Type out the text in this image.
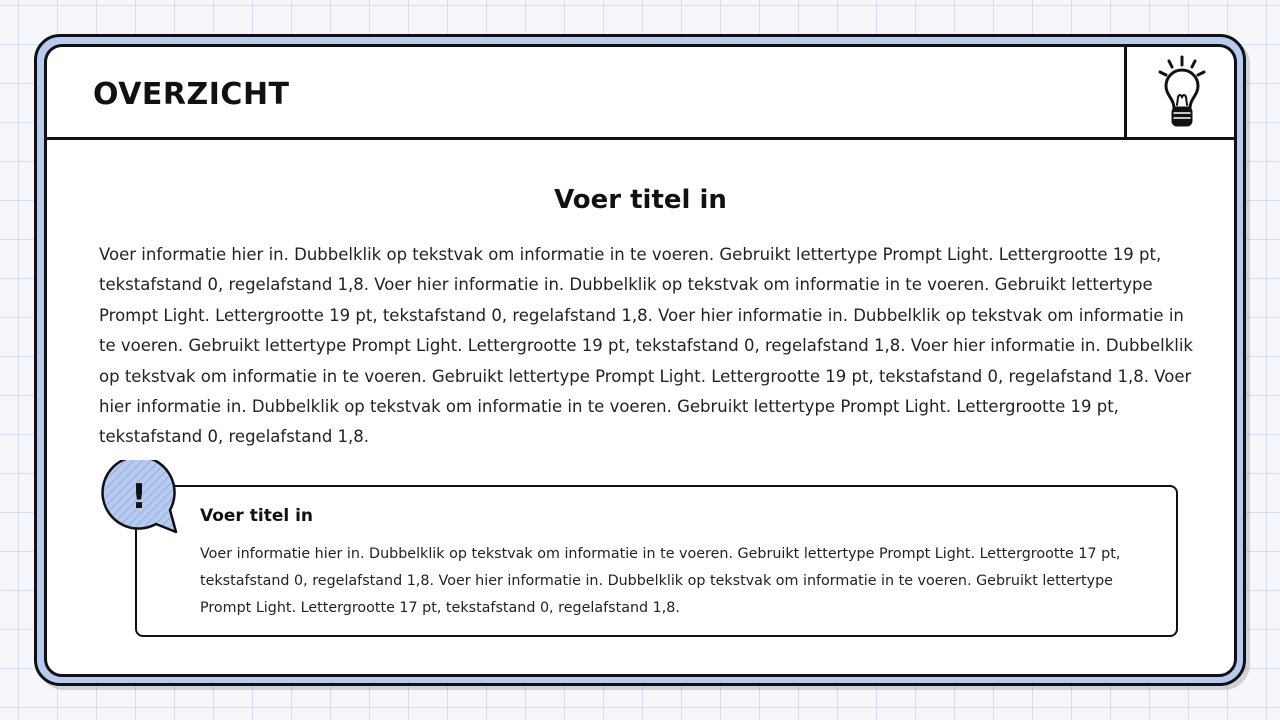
OVERZICHT
Voer titel in
Voer informatie hier in. Dubbelklik op tekstvak om informatie in te voeren. Gebruikt lettertype Prompt Light. Lettergrootte 19 pt,
tekstafstand 0, regelafstand 1,8. Voer hier informatie in. Dubbelklik op tekstvak om informatie in te voeren. Gebruikt lettertype
Prompt Light. Lettergrootte 19 pt, tekstafstand 0, regelafstand 1,8. Voer hier informatie in. Dubbelklik op tekstvak om informatie in
te voeren. Gebruikt lettertype Prompt Light. Lettergrootte 19 pt, tekstafstand 0, regelafstand 1,8. Voer hier informatie in. Dubbelklik
op tekstvak om informatie in te voeren. Gebruikt lettertype Prompt Light. Lettergrootte 19 pt, tekstafstand 0, regelafstand 1,8. Voer
hier informatie in. Dubbelklik op tekstvak om informatie in te voeren. Gebruikt lettertype Prompt Light. Lettergrootte 19 pt,
tekstafstand 0, regelafstand 1,8.
Voer titel in
Voer informatie hier in. Dubbelklik op tekstvak om informatie in te voeren. Gebruikt lettertype Prompt Light. Lettergrootte 17 pt,
tekstafstand 0, regelafstand 1,8. Voer hier informatie in. Dubbelklik op tekstvak om informatie in te voeren. Gebruikt lettertype
Prompt Light. Lettergrootte 17 pt, tekstafstand 0, regelafstand 1,8.
!
